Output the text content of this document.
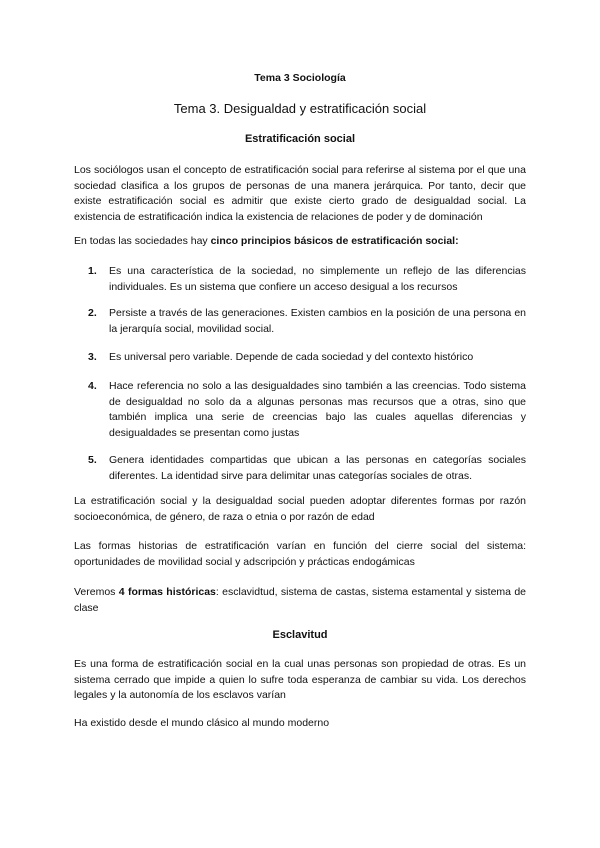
Tema 3 Sociología
Tema 3. Desigualdad y estratificación social
Estratificación social

Los sociólogos usan el concepto de estratificación social para referirse al sistema por el que una sociedad clasifica a los grupos de personas de una manera jerárquica. Por tanto, decir que existe estratificación social es admitir que existe cierto grado de desigualdad social. La existencia de estratificación indica la existencia de relaciones de poder y de dominación

En todas las sociedades hay cinco principios básicos de estratificación social:

1. Es una característica de la sociedad, no simplemente un reflejo de las diferencias individuales. Es un sistema que confiere un acceso desigual a los recursos

2. Persiste a través de las generaciones. Existen cambios en la posición de una persona en la jerarquía social, movilidad social.

3. Es universal pero variable. Depende de cada sociedad y del contexto histórico

4. Hace referencia no solo a las desigualdades sino también a las creencias. Todo sistema de desigualdad no solo da a algunas personas mas recursos que a otras, sino que también implica una serie de creencias bajo las cuales aquellas diferencias y desigualdades se presentan como justas

5. Genera identidades compartidas que ubican a las personas en categorías sociales diferentes. La identidad sirve para delimitar unas categorías sociales de otras.

La estratificación social y la desigualdad social pueden adoptar diferentes formas por razón socioeconómica, de género, de raza o etnia o por razón de edad

Las formas historias de estratificación varían en función del cierre social del sistema: oportunidades de movilidad social y adscripción y prácticas endogámicas

Veremos 4 formas históricas: esclavidtud, sistema de castas, sistema estamental y sistema de clase

Esclavitud

Es una forma de estratificación social en la cual unas personas son propiedad de otras. Es un sistema cerrado que impide a quien lo sufre toda esperanza de cambiar su vida. Los derechos legales y la autonomía de los esclavos varían

Ha existido desde el mundo clásico al mundo moderno
